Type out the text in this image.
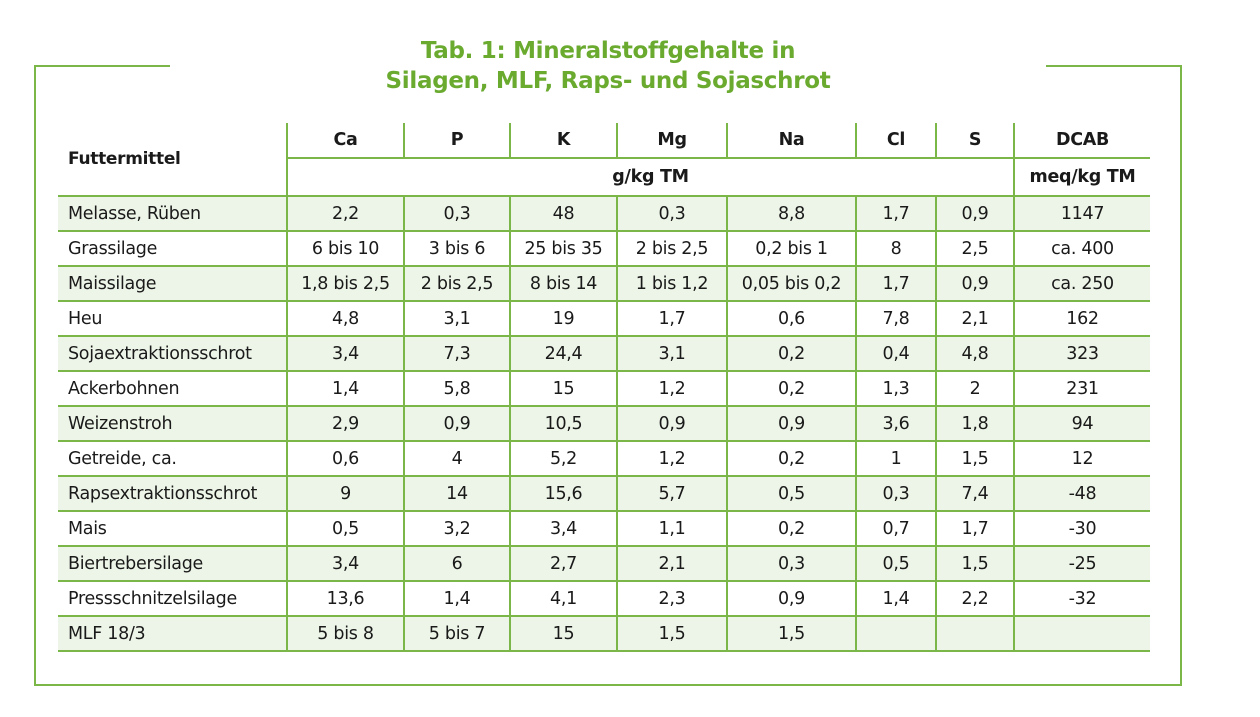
Tab. 1: Mineralstoffgehalte in
Silagen, MLF, Raps- und Sojaschrot
Futtermittel	Ca	P	K	Mg	Na	Cl	S	DCAB
	g/kg TM							meq/kg TM
Melasse, Rüben	2,2	0,3	48	0,3	8,8	1,7	0,9	1147
Grassilage	6 bis 10	3 bis 6	25 bis 35	2 bis 2,5	0,2 bis 1	8	2,5	ca. 400
Maissilage	1,8 bis 2,5	2 bis 2,5	8 bis 14	1 bis 1,2	0,05 bis 0,2	1,7	0,9	ca. 250
Heu	4,8	3,1	19	1,7	0,6	7,8	2,1	162
Sojaextraktionsschrot	3,4	7,3	24,4	3,1	0,2	0,4	4,8	323
Ackerbohnen	1,4	5,8	15	1,2	0,2	1,3	2	231
Weizenstroh	2,9	0,9	10,5	0,9	0,9	3,6	1,8	94
Getreide, ca.	0,6	4	5,2	1,2	0,2	1	1,5	12
Rapsextraktionsschrot	9	14	15,6	5,7	0,5	0,3	7,4	-48
Mais	0,5	3,2	3,4	1,1	0,2	0,7	1,7	-30
Biertrebersilage	3,4	6	2,7	2,1	0,3	0,5	1,5	-25
Pressschnitzelsilage	13,6	1,4	4,1	2,3	0,9	1,4	2,2	-32
MLF 18/3	5 bis 8	5 bis 7	15	1,5	1,5			
